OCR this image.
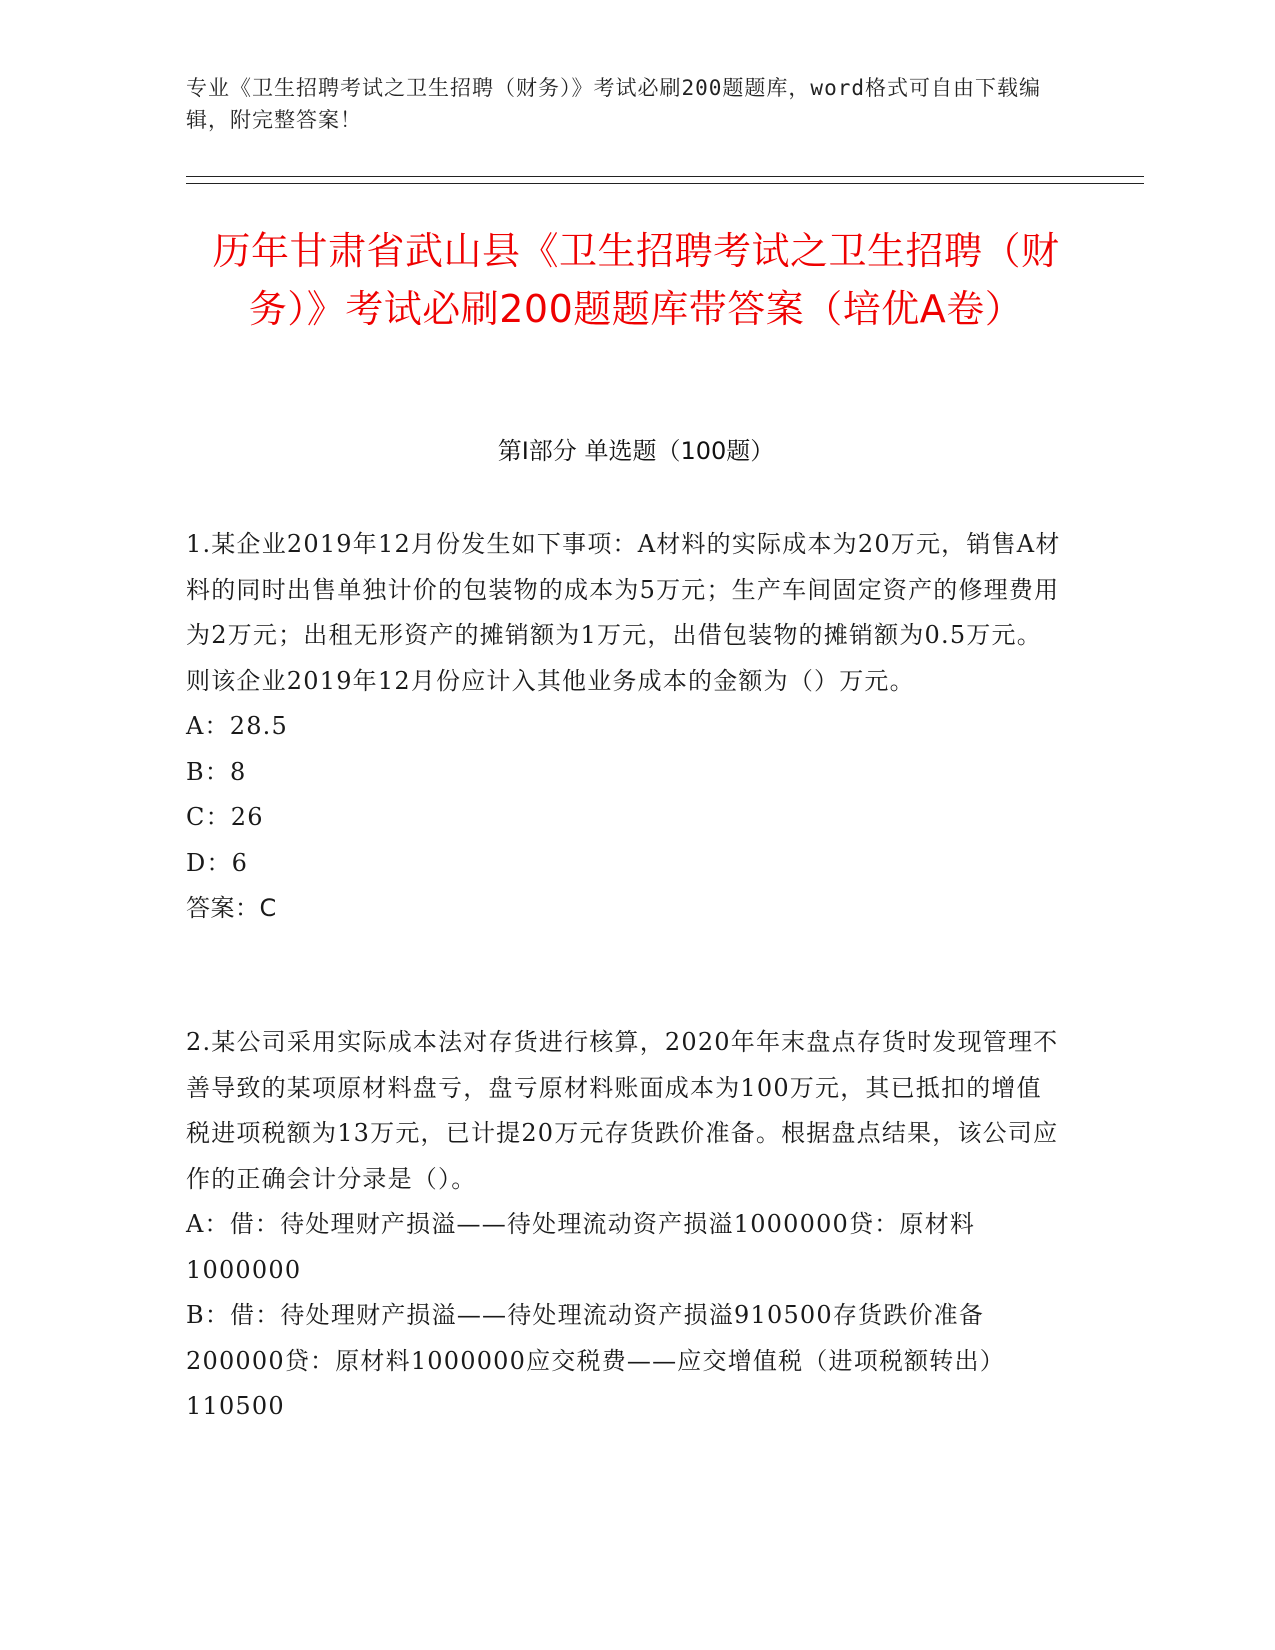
专业《卫生招聘考试之卫生招聘（财务）》考试必刷200题题库，word格式可自由下载编辑，附完整答案！
历年甘肃省武山县《卫生招聘考试之卫生招聘（财务）》考试必刷200题题库带答案（培优A卷）
第Ⅰ部分 单选题（100题）

1.某企业2019年12月份发生如下事项：A材料的实际成本为20万元，销售A材料的同时出售单独计价的包装物的成本为5万元；生产车间固定资产的修理费用为2万元；出租无形资产的摊销额为1万元，出借包装物的摊销额为0.5万元。则该企业2019年12月份应计入其他业务成本的金额为（）万元。

A：28.5

B：8

C：26

D：6

答案：C

2.某公司采用实际成本法对存货进行核算，2020年年末盘点存货时发现管理不善导致的某项原材料盘亏，盘亏原材料账面成本为100万元，其已抵扣的增值税进项税额为13万元，已计提20万元存货跌价准备。根据盘点结果，该公司应作的正确会计分录是（）。

A：借：待处理财产损溢——待处理流动资产损溢1000000贷：原材料1000000

B：借：待处理财产损溢——待处理流动资产损溢910500存货跌价准备200000贷：原材料1000000应交税费——应交增值税（进项税额转出）110500
